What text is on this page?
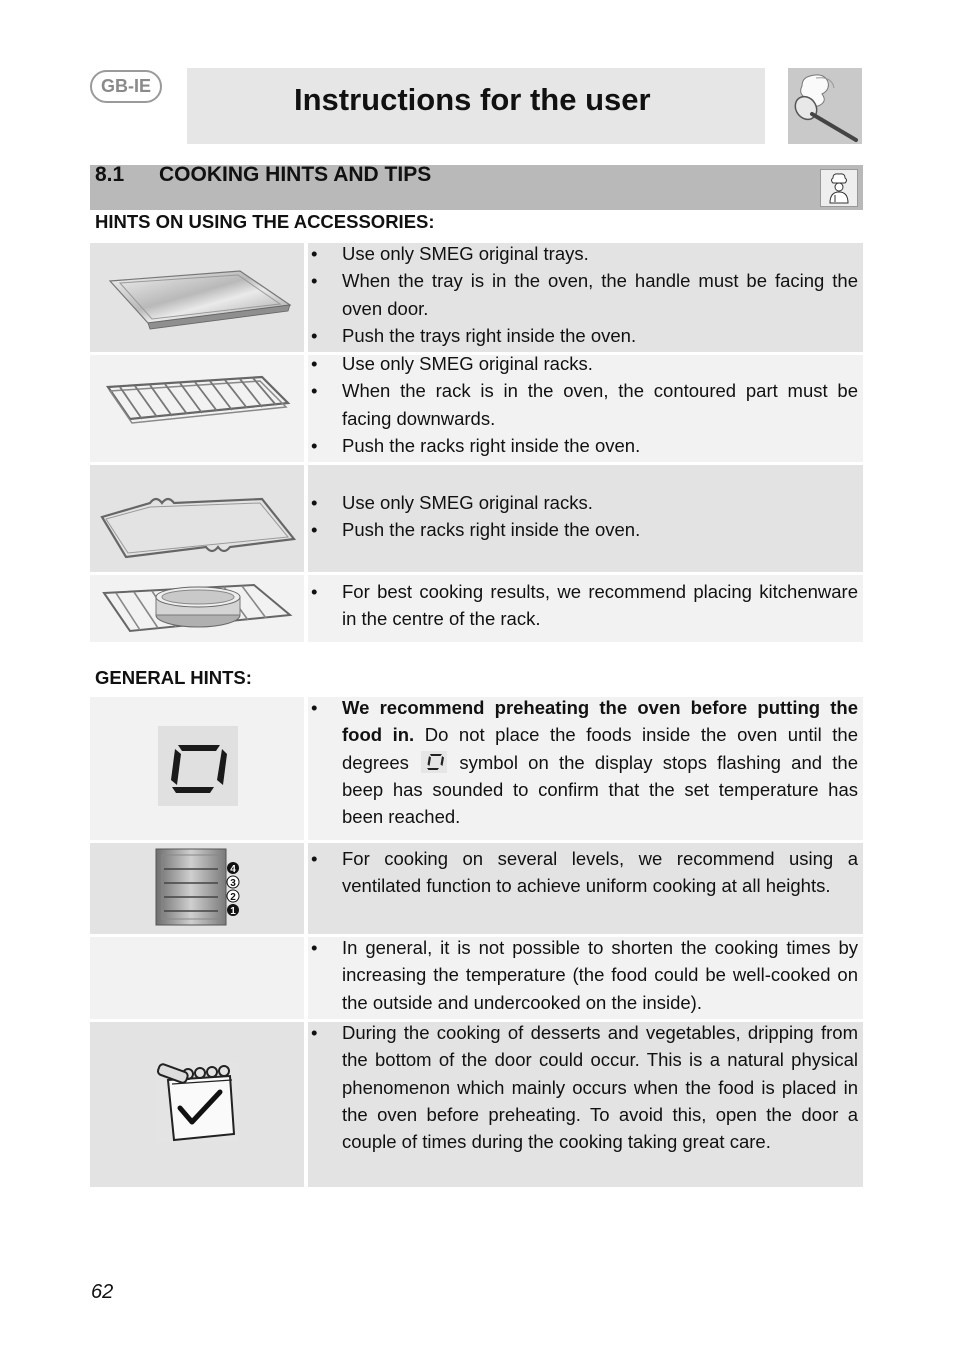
GB-IE	Instructions for the user
8.1 COOKING HINTS AND TIPS
HINTS ON USING THE ACCESSORIES:
• Use only SMEG original trays.
• When the tray is in the oven, the handle must be facing the oven door.
• Push the trays right inside the oven.
• Use only SMEG original racks.
• When the rack is in the oven, the contoured part must be facing downwards.
• Push the racks right inside the oven.
• Use only SMEG original racks.
• Push the racks right inside the oven.
• For best cooking results, we recommend placing kitchenware in the centre of the rack.
GENERAL HINTS:
• We recommend preheating the oven before putting the food in. Do not place the foods inside the oven until the degrees
symbol on the display stops flashing and the beep has sounded to confirm that the set temperature has been reached.
4
3
2
1
• For cooking on several levels, we recommend using a ventilated function to achieve uniform cooking at all heights.
• In general, it is not possible to shorten the cooking times by increasing the temperature (the food could be well-cooked on the outside and undercooked on the inside).
• During the cooking of desserts and vegetables, dripping from the bottom of the door could occur. This is a natural physical phenomenon which mainly occurs when the food is placed in the oven before preheating. To avoid this, open the door a couple of times during the cooking taking great care.
62
